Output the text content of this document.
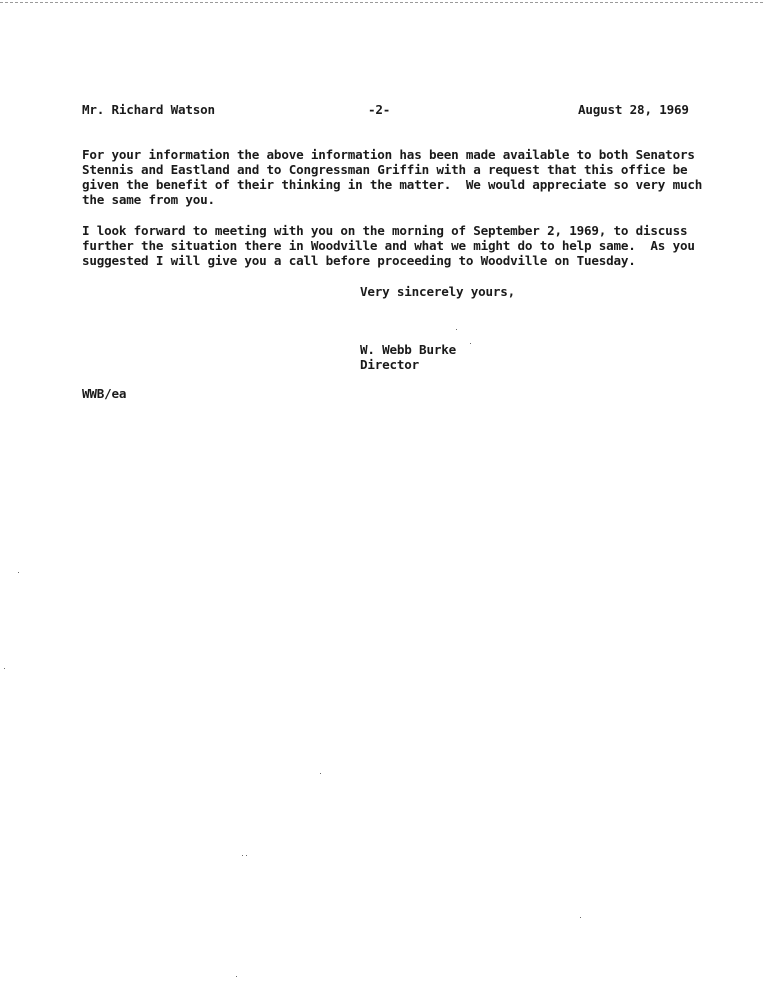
Mr. Richard Watson	-2-	August 28, 1969
For your information the above information has been made available to both Senators
Stennis and Eastland and to Congressman Griffin with a request that this office be
given the benefit of their thinking in the matter.  We would appreciate so very much
the same from you.
I look forward to meeting with you on the morning of September 2, 1969, to discuss
further the situation there in Woodville and what we might do to help same.  As you
suggested I will give you a call before proceeding to Woodville on Tuesday.
Very sincerely yours,
W. Webb Burke
Director
WWB/ea
